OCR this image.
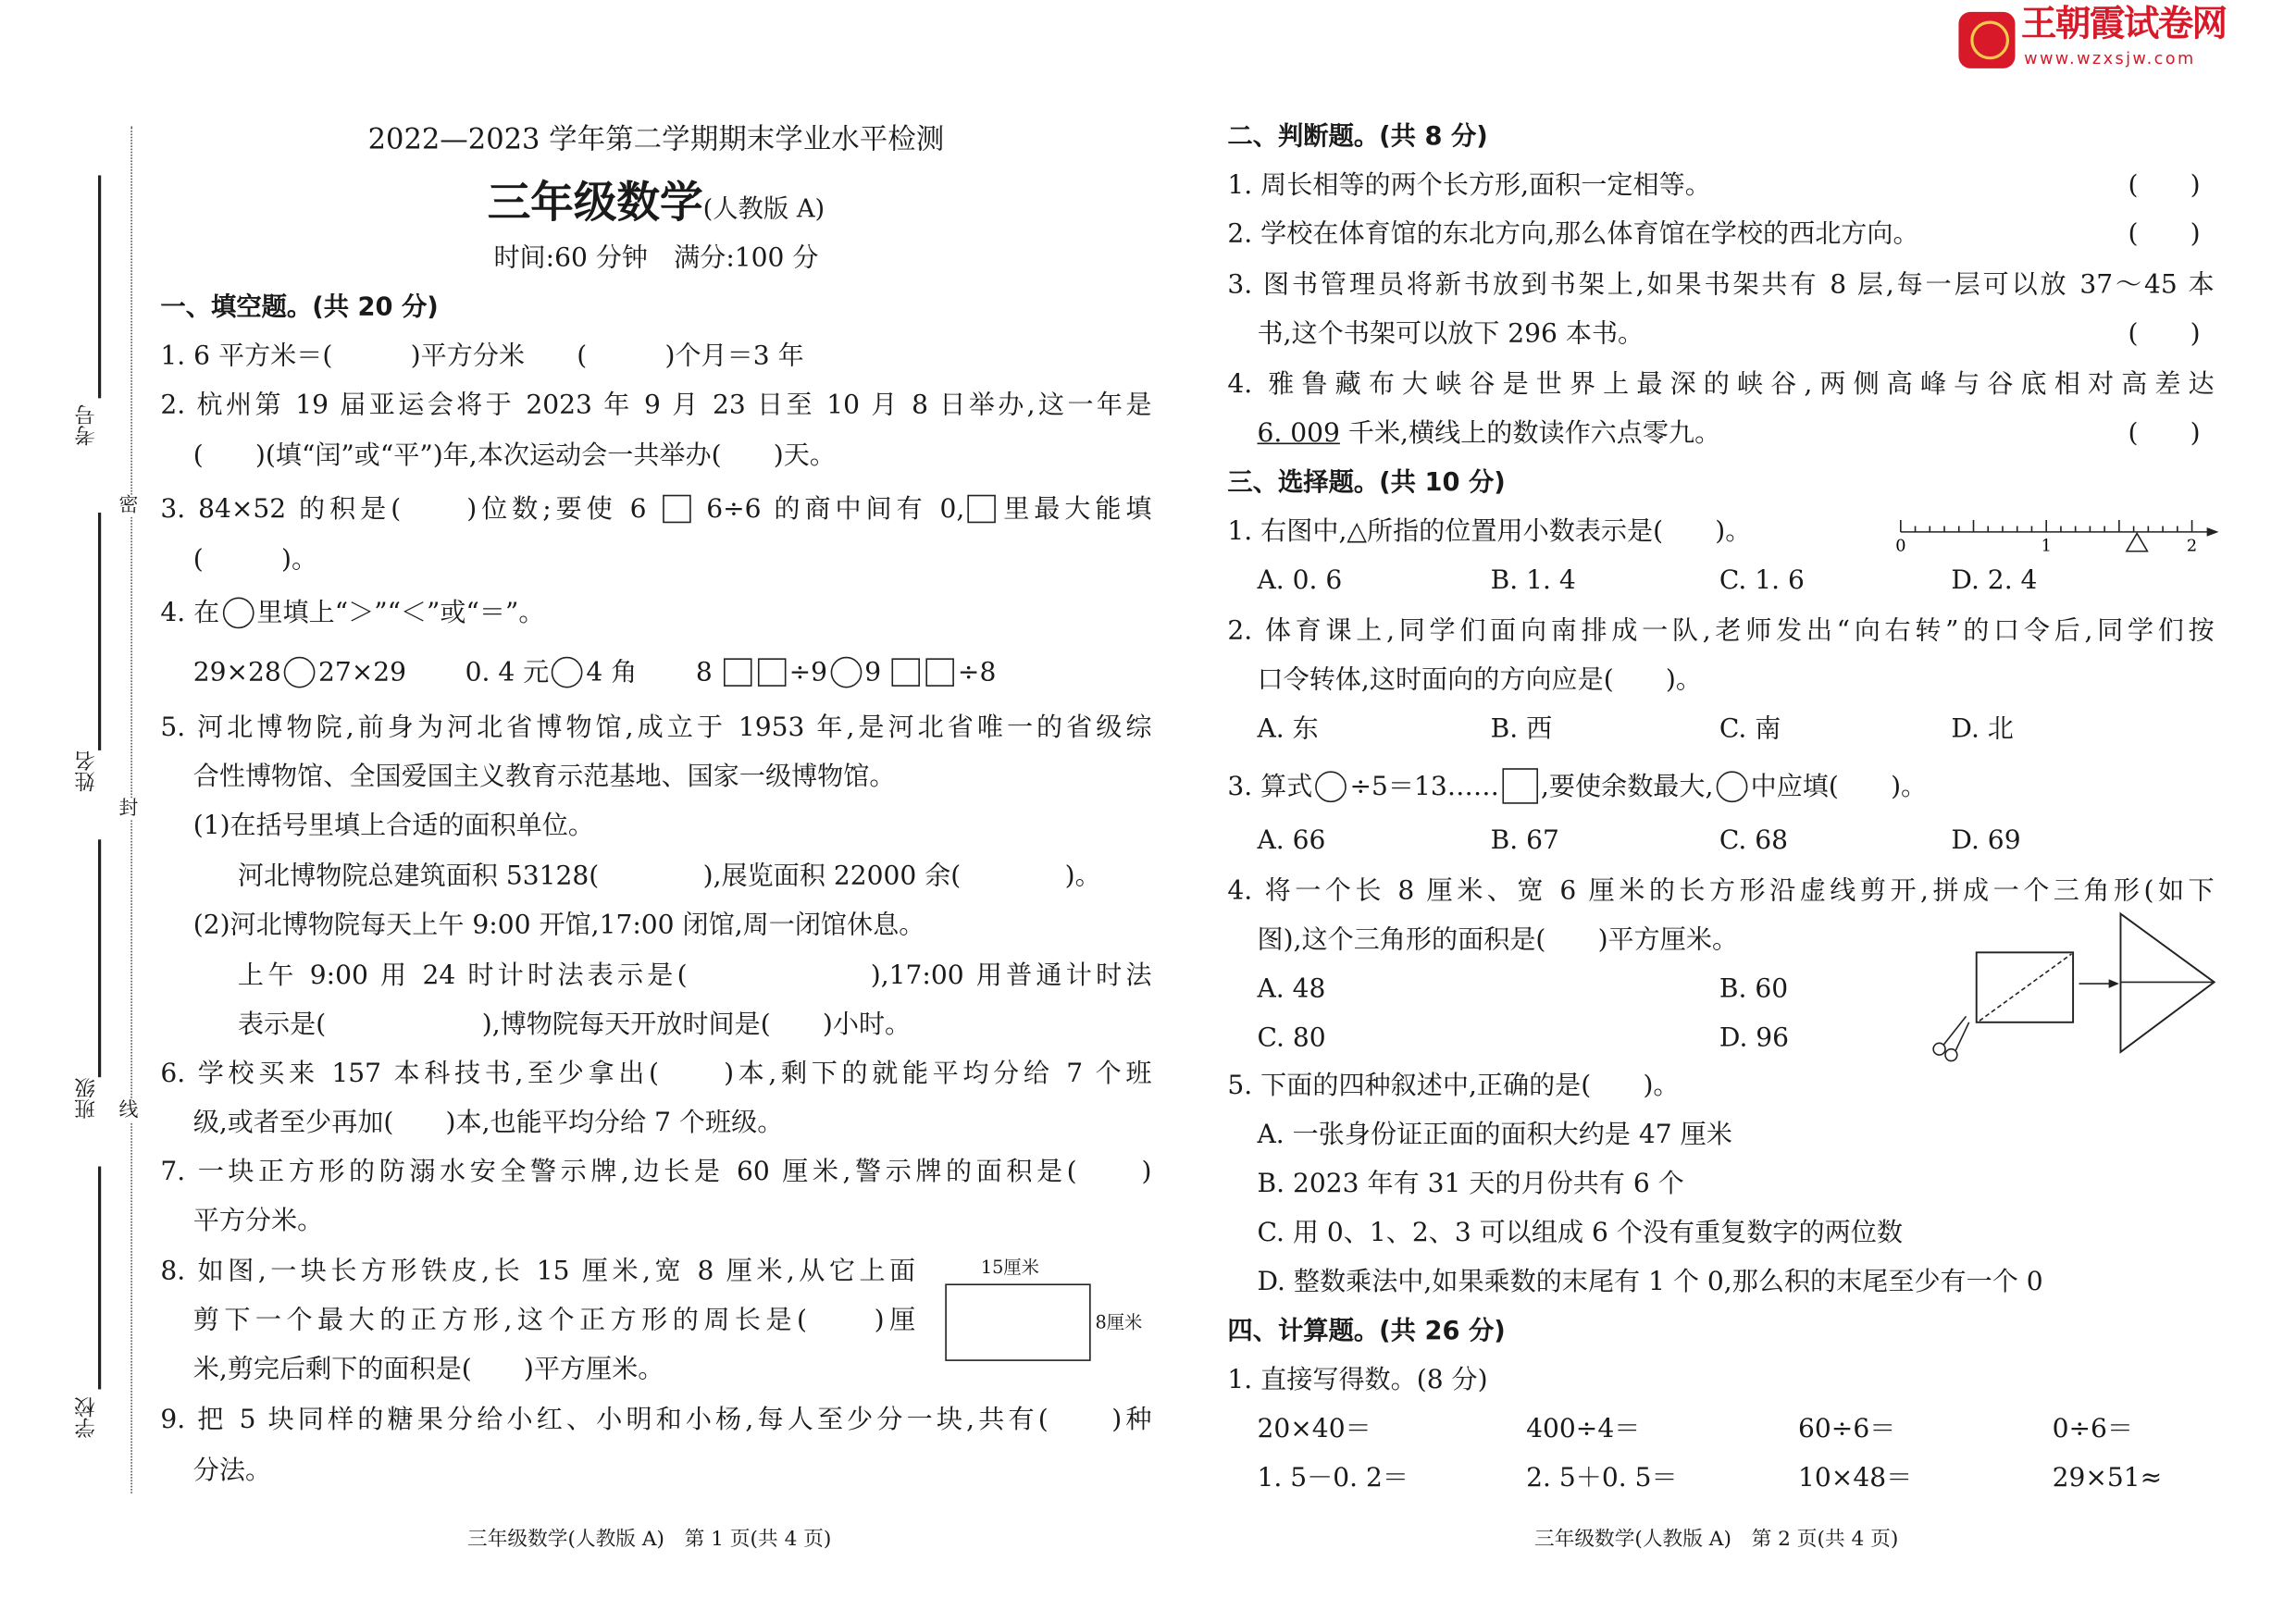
王朝霞试卷网
www.wzxsjw.com
考号
姓名
班级
学校
密
封
线
2022—2023 学年第二学期期末学业水平检测
三年级数学(人教版 A)
时间:60 分钟　满分:100 分
一、填空题。(共 20 分)
1. 6 平方米＝(　　　)平方分米　　(　　　)个月＝3 年
2. 杭州第 19 届亚运会将于 2023 年 9 月 23 日至 10 月 8 日举办,这一年是
(　　)(填“闰”或“平”)年,本次运动会一共举办(　　)天。
3. 84×52 的积是(　　)位数;要使 6	6÷6 的商中间有 0, 里最大能填
(　　　)。
4. 在 里填上“＞”“＜”或“＝”。
29×28 27×29	0. 4 元 4 角	8	÷9 9	÷8
5. 河北博物院,前身为河北省博物馆,成立于 1953 年,是河北省唯一的省级综
合性博物馆、全国爱国主义教育示范基地、国家一级博物馆。
(1)在括号里填上合适的面积单位。
河北博物院总建筑面积 53128(　　　　),展览面积 22000 余(　　　　)。
(2)河北博物院每天上午 9:00 开馆,17:00 闭馆,周一闭馆休息。
上午 9:00 用 24 时计时法表示是(　　　　　　),17:00 用普通计时法
表示是(　　　　　　),博物院每天开放时间是(　　)小时。
6. 学校买来 157 本科技书,至少拿出(　　)本,剩下的就能平均分给 7 个班
级,或者至少再加(　　)本,也能平均分给 7 个班级。
7. 一块正方形的防溺水安全警示牌,边长是 60 厘米,警示牌的面积是(　　)
平方分米。
8. 如图,一块长方形铁皮,长 15 厘米,宽 8 厘米,从它上面
剪下一个最大的正方形,这个正方形的周长是(　　)厘
米,剪完后剩下的面积是(　　)平方厘米。
15厘米
8厘米
9. 把 5 块同样的糖果分给小红、小明和小杨,每人至少分一块,共有(　　)种
分法。
三年级数学(人教版 A)　第 1 页(共 4 页)
二、判断题。(共 8 分)
1. 周长相等的两个长方形,面积一定相等。	(　　)
2. 学校在体育馆的东北方向,那么体育馆在学校的西北方向。	(　　)
3. 图书管理员将新书放到书架上,如果书架共有 8 层,每一层可以放 37～45 本
书,这个书架可以放下 296 本书。	(　　)
4. 雅鲁藏布大峡谷是世界上最深的峡谷,两侧高峰与谷底相对高差达
6. 009 千米,横线上的数读作六点零九。	(　　)
三、选择题。(共 10 分)
1. 右图中,△所指的位置用小数表示是(　　)。	0	1	2
A. 0. 6	B. 1. 4	C. 1. 6	D. 2. 4
2. 体育课上,同学们面向南排成一队,老师发出“向右转”的口令后,同学们按
口令转体,这时面向的方向应是(　　)。
A. 东	B. 西	C. 南	D. 北
3. 算式 ÷5＝13……	,要使余数最大, 中应填(　　)。
A. 66	B. 67	C. 68	D. 69
4. 将一个长 8 厘米、宽 6 厘米的长方形沿虚线剪开,拼成一个三角形(如下
图),这个三角形的面积是(　　)平方厘米。
A. 48	B. 60
C. 80	D. 96
5. 下面的四种叙述中,正确的是(　　)。
A. 一张身份证正面的面积大约是 47 厘米
B. 2023 年有 31 天的月份共有 6 个
C. 用 0、1、2、3 可以组成 6 个没有重复数字的两位数
D. 整数乘法中,如果乘数的末尾有 1 个 0,那么积的末尾至少有一个 0
四、计算题。(共 26 分)
1. 直接写得数。(8 分)
20×40＝	400÷4＝	60÷6＝	0÷6＝
1. 5－0. 2＝	2. 5＋0. 5＝	10×48＝	29×51≈
三年级数学(人教版 A)　第 2 页(共 4 页)
